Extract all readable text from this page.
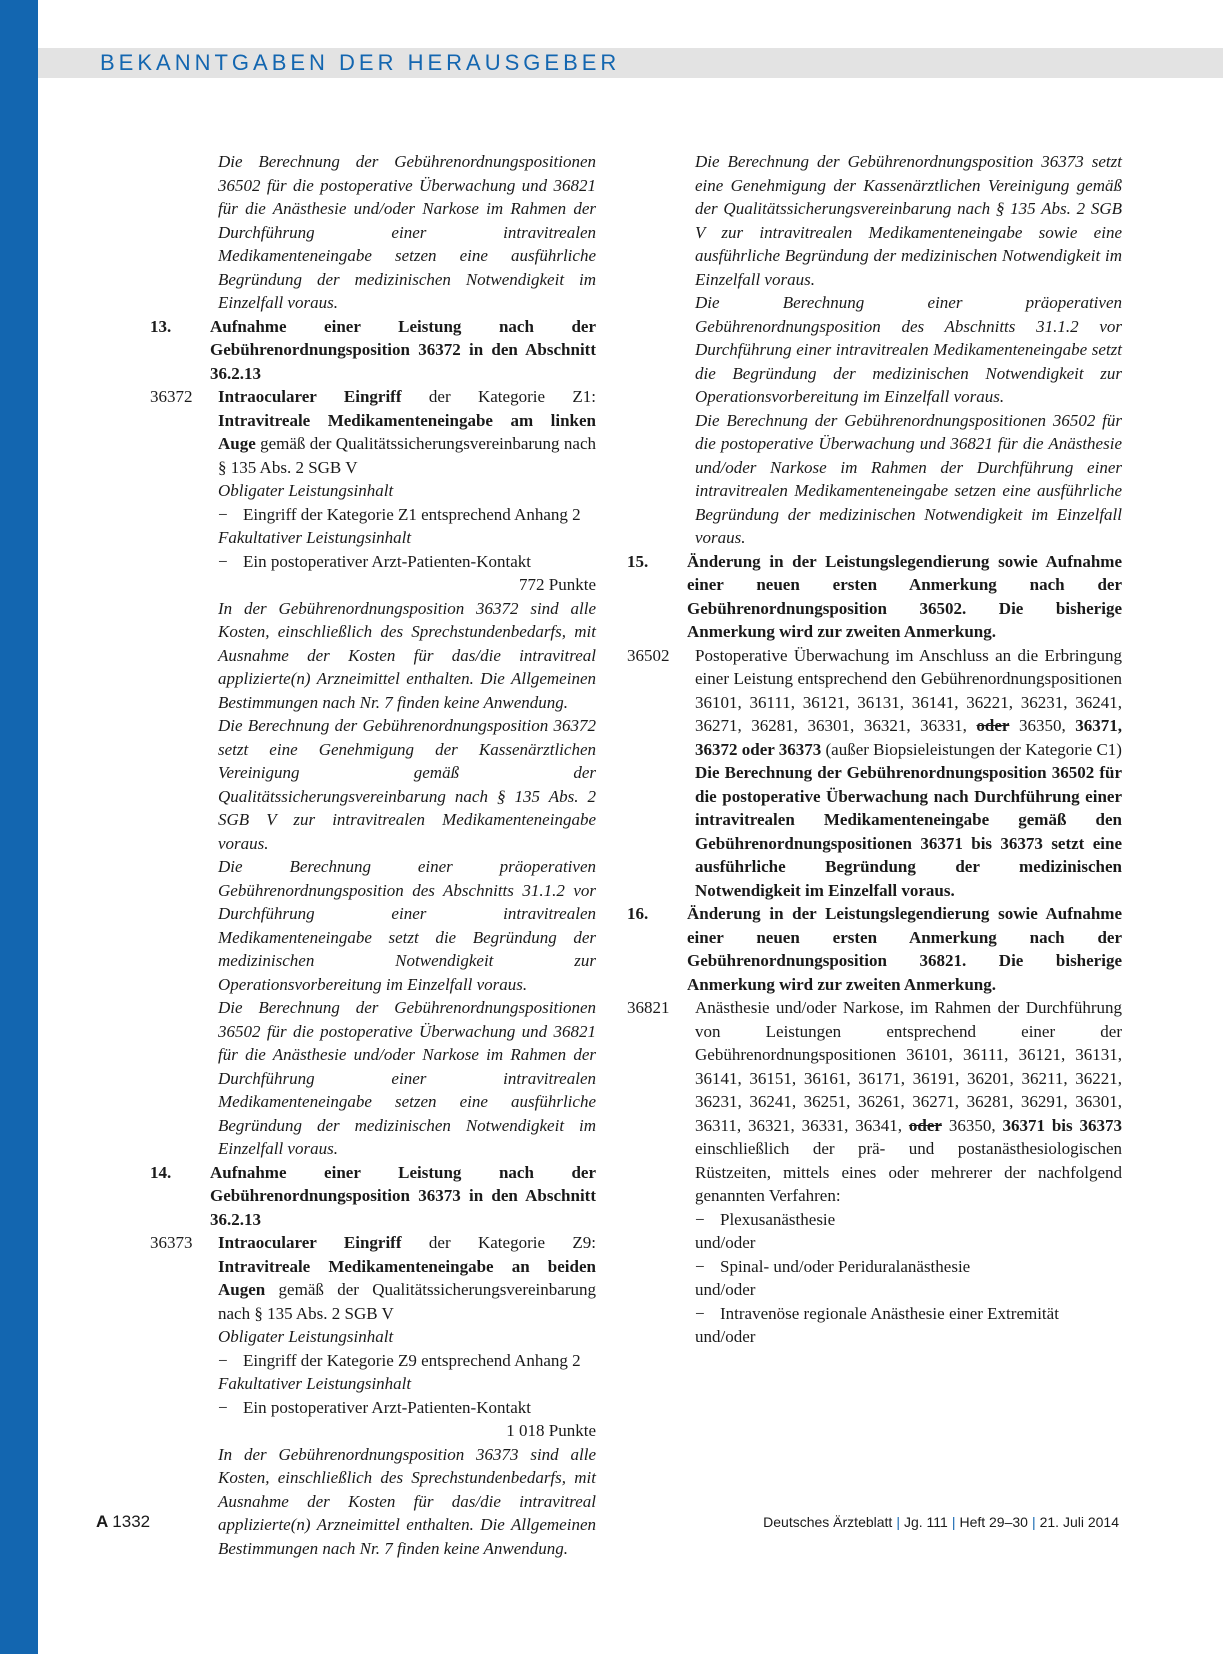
BEKANNTGABEN DER HERAUSGEBER

Die Berechnung der Gebührenordnungspositionen 36502 für die postoperative Überwachung und 36821 für die Anästhesie und/oder Narkose im Rahmen der Durchführung einer intravitrealen Medikamenteneingabe setzen eine ausführliche Begründung der medizinischen Notwendigkeit im Einzelfall voraus.

13.	Aufnahme einer Leistung nach der Gebührenordnungsposition 36372 in den Abschnitt 36.2.13
36372	Intraocularer Eingriff der Kategorie Z1: Intravitreale Medikamenteneingabe am linken Auge gemäß der Qualitätssicherungsvereinbarung nach § 135 Abs. 2 SGB V

Obligater Leistungsinhalt

− Eingriff der Kategorie Z1 entsprechend Anhang 2

Fakultativer Leistungsinhalt

− Ein postoperativer Arzt-Patienten-Kontakt

772 Punkte

In der Gebührenordnungsposition 36372 sind alle Kosten, einschließlich des Sprechstundenbedarfs, mit Ausnahme der Kosten für das/die intravitreal applizierte(n) Arzneimittel enthalten. Die Allgemeinen Bestimmungen nach Nr. 7 finden keine Anwendung.

Die Berechnung der Gebührenordnungsposition 36372 setzt eine Genehmigung der Kassenärztlichen Vereinigung gemäß der Qualitätssicherungsvereinbarung nach § 135 Abs. 2 SGB V zur intravitrealen Medikamenteneingabe voraus.

Die Berechnung einer präoperativen Gebührenordnungsposition des Abschnitts 31.1.2 vor Durchführung einer intravitrealen Medikamenteneingabe setzt die Begründung der medizinischen Notwendigkeit zur Operationsvorbereitung im Einzelfall voraus.

Die Berechnung der Gebührenordnungspositionen 36502 für die postoperative Überwachung und 36821 für die Anästhesie und/oder Narkose im Rahmen der Durchführung einer intravitrealen Medikamenteneingabe setzen eine ausführliche Begründung der medizinischen Notwendigkeit im Einzelfall voraus.

14.	Aufnahme einer Leistung nach der Gebührenordnungsposition 36373 in den Abschnitt 36.2.13
36373	Intraocularer Eingriff der Kategorie Z9: Intravitreale Medikamenteneingabe an beiden Augen gemäß der Qualitätssicherungsvereinbarung nach § 135 Abs. 2 SGB V

Obligater Leistungsinhalt

− Eingriff der Kategorie Z9 entsprechend Anhang 2

Fakultativer Leistungsinhalt

− Ein postoperativer Arzt-Patienten-Kontakt

1 018 Punkte

In der Gebührenordnungsposition 36373 sind alle Kosten, einschließlich des Sprechstundenbedarfs, mit Ausnahme der Kosten für das/die intravitreal applizierte(n) Arzneimittel enthalten. Die Allgemeinen Bestimmungen nach Nr. 7 finden keine Anwendung.

Die Berechnung der Gebührenordnungsposition 36373 setzt eine Genehmigung der Kassenärztlichen Vereinigung gemäß der Qualitätssicherungsvereinbarung nach § 135 Abs. 2 SGB V zur intravitrealen Medikamenteneingabe sowie eine ausführliche Begründung der medizinischen Notwendigkeit im Einzelfall voraus.

Die Berechnung einer präoperativen Gebührenordnungsposition des Abschnitts 31.1.2 vor Durchführung einer intravitrealen Medikamenteneingabe setzt die Begründung der medizinischen Notwendigkeit zur Operationsvorbereitung im Einzelfall voraus.

Die Berechnung der Gebührenordnungspositionen 36502 für die postoperative Überwachung und 36821 für die Anästhesie und/oder Narkose im Rahmen der Durchführung einer intravitrealen Medikamenteneingabe setzen eine ausführliche Begründung der medizinischen Notwendigkeit im Einzelfall voraus.

15.	Änderung in der Leistungslegendierung sowie Aufnahme einer neuen ersten Anmerkung nach der Gebührenordnungsposition 36502. Die bisherige Anmerkung wird zur zweiten Anmerkung.
36502	Postoperative Überwachung im Anschluss an die Erbringung einer Leistung entsprechend den Gebührenordnungspositionen 36101, 36111, 36121, 36131, 36141, 36221, 36231, 36241, 36271, 36281, 36301, 36321, 36331, oder 36350, 36371, 36372 oder 36373 (außer Biopsieleistungen der Kategorie C1)

Die Berechnung der Gebührenordnungsposition 36502 für die postoperative Überwachung nach Durchführung einer intravitrealen Medikamenteneingabe gemäß den Gebührenordnungspositionen 36371 bis 36373 setzt eine ausführliche Begründung der medizinischen Notwendigkeit im Einzelfall voraus.

16.	Änderung in der Leistungslegendierung sowie Aufnahme einer neuen ersten Anmerkung nach der Gebührenordnungsposition 36821. Die bisherige Anmerkung wird zur zweiten Anmerkung.
36821	Anästhesie und/oder Narkose, im Rahmen der Durchführung von Leistungen entsprechend einer der Gebührenordnungspositionen 36101, 36111, 36121, 36131, 36141, 36151, 36161, 36171, 36191, 36201, 36211, 36221, 36231, 36241, 36251, 36261, 36271, 36281, 36291, 36301, 36311, 36321, 36331, 36341, oder 36350, 36371 bis 36373 einschließlich der prä- und postanästhesiologischen Rüstzeiten, mittels eines oder mehrerer der nachfolgend genannten Verfahren:
− Plexusanästhesie

und/oder

− Spinal- und/oder Periduralanästhesie

und/oder

− Intravenöse regionale Anästhesie einer Extremität

und/oder

A 1332	Deutsches Ärzteblatt | Jg. 111 | Heft 29–30 | 21. Juli 2014
